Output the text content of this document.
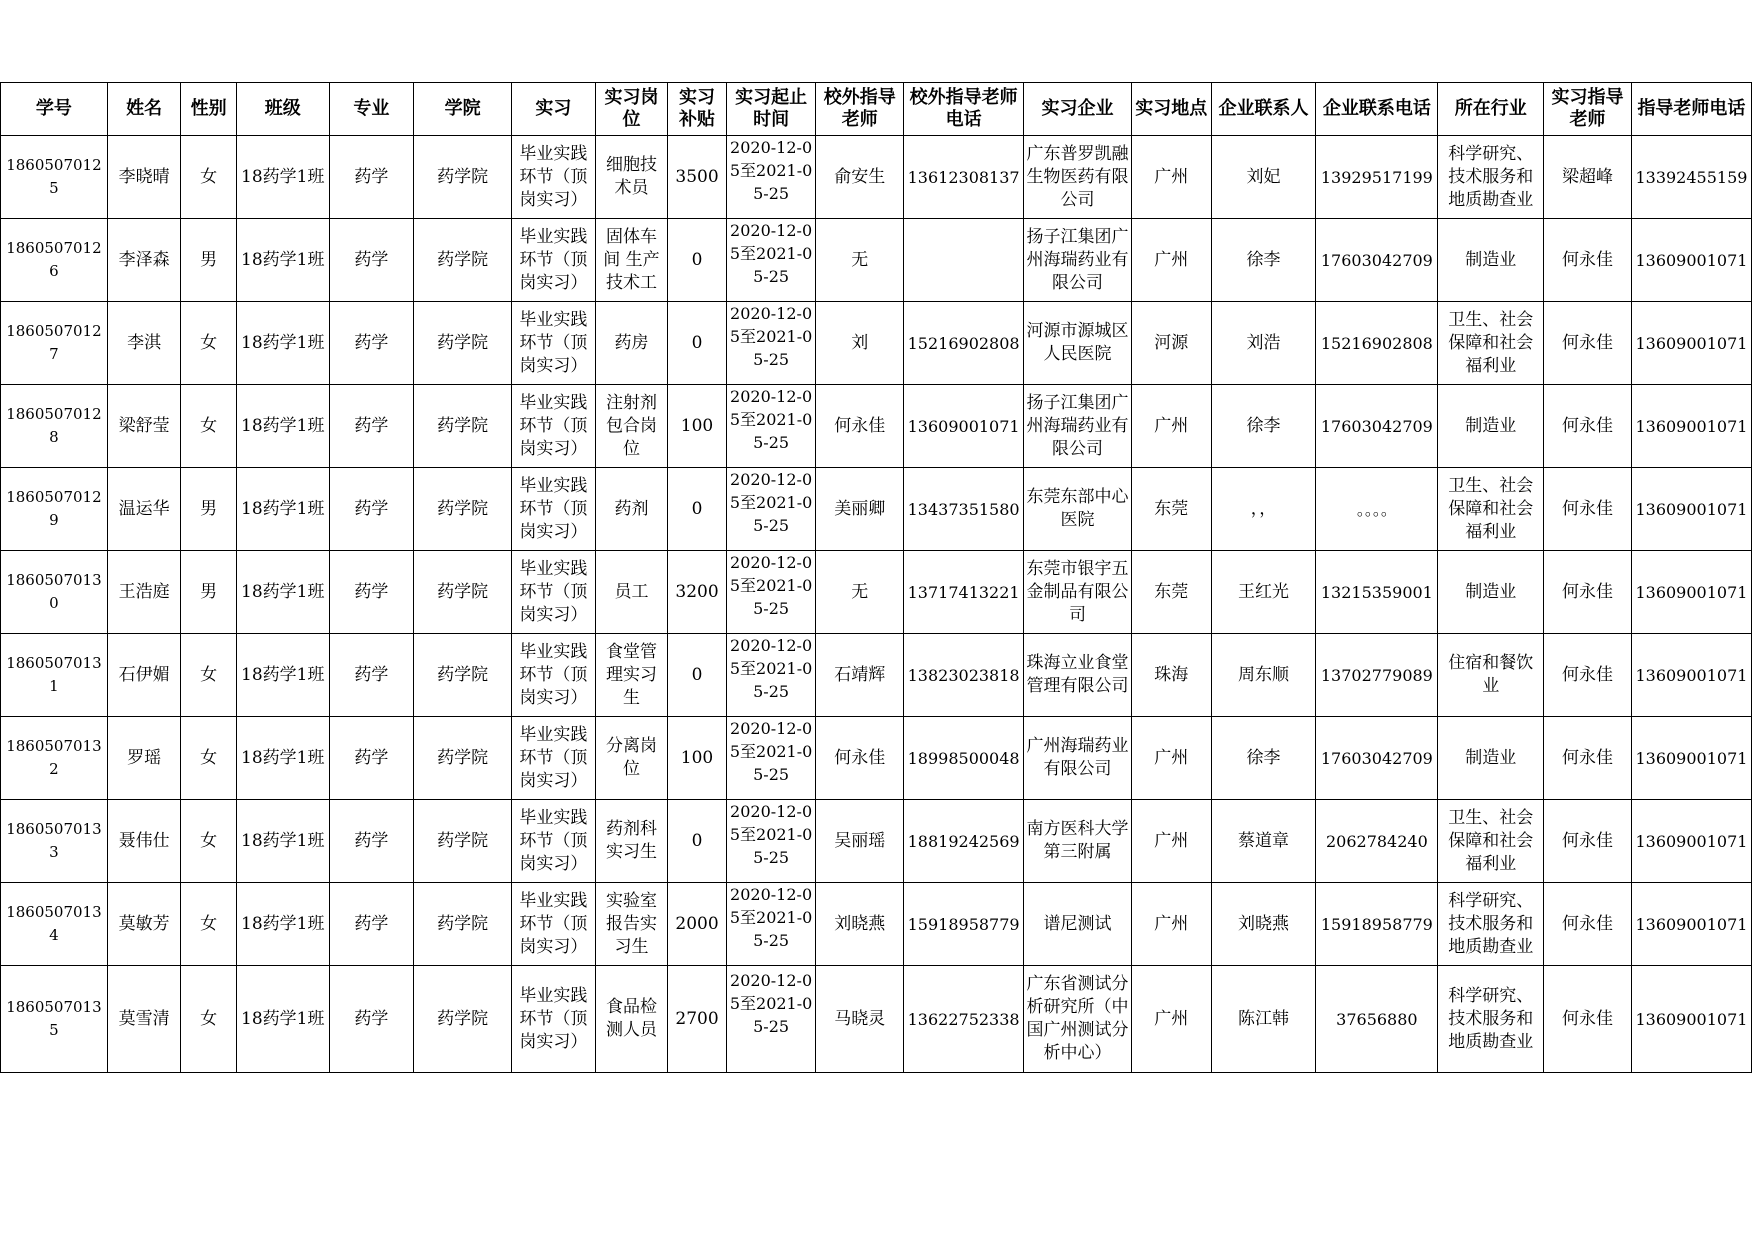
学号	姓名	性别	班级	专业	学院	实习	实习岗位	实习补贴	实习起止时间	校外指导老师	校外指导老师电话	实习企业	实习地点	企业联系人	企业联系电话	所在行业	实习指导老师	指导老师电话
18605070125	李晓晴	女	18药学1班	药学	药学院	毕业实践环节（顶岗实习）	细胞技术员	3500	2020-12-05至2021-05-25	俞安生	13612308137	广东普罗凯融生物医药有限公司	广州	刘妃	13929517199	科学研究、技术服务和地质勘查业	梁超峰	13392455159
18605070126	李泽森	男	18药学1班	药学	药学院	毕业实践环节（顶岗实习）	固体车间 生产技术工	0	2020-12-05至2021-05-25	无		扬子江集团广州海瑞药业有限公司	广州	徐李	17603042709	制造业	何永佳	13609001071
18605070127	李淇	女	18药学1班	药学	药学院	毕业实践环节（顶岗实习）	药房	0	2020-12-05至2021-05-25	刘	15216902808	河源市源城区人民医院	河源	刘浩	15216902808	卫生、社会保障和社会福利业	何永佳	13609001071
18605070128	梁舒莹	女	18药学1班	药学	药学院	毕业实践环节（顶岗实习）	注射剂包合岗位	100	2020-12-05至2021-05-25	何永佳	13609001071	扬子江集团广州海瑞药业有限公司	广州	徐李	17603042709	制造业	何永佳	13609001071
18605070129	温运华	男	18药学1班	药学	药学院	毕业实践环节（顶岗实习）	药剂	0	2020-12-05至2021-05-25	美丽卿	13437351580	东莞东部中心医院	东莞	，，	。。。。	卫生、社会保障和社会福利业	何永佳	13609001071
18605070130	王浩庭	男	18药学1班	药学	药学院	毕业实践环节（顶岗实习）	员工	3200	2020-12-05至2021-05-25	无	13717413221	东莞市银宇五金制品有限公司	东莞	王红光	13215359001	制造业	何永佳	13609001071
18605070131	石伊媚	女	18药学1班	药学	药学院	毕业实践环节（顶岗实习）	食堂管理实习生	0	2020-12-05至2021-05-25	石靖辉	13823023818	珠海立业食堂管理有限公司	珠海	周东顺	13702779089	住宿和餐饮业	何永佳	13609001071
18605070132	罗瑶	女	18药学1班	药学	药学院	毕业实践环节（顶岗实习）	分离岗位	100	2020-12-05至2021-05-25	何永佳	18998500048	广州海瑞药业有限公司	广州	徐李	17603042709	制造业	何永佳	13609001071
18605070133	聂伟仕	女	18药学1班	药学	药学院	毕业实践环节（顶岗实习）	药剂科实习生	0	2020-12-05至2021-05-25	吴丽瑶	18819242569	南方医科大学第三附属	广州	蔡道章	2062784240	卫生、社会保障和社会福利业	何永佳	13609001071
18605070134	莫敏芳	女	18药学1班	药学	药学院	毕业实践环节（顶岗实习）	实验室报告实习生	2000	2020-12-05至2021-05-25	刘晓燕	15918958779	谱尼测试	广州	刘晓燕	15918958779	科学研究、技术服务和地质勘查业	何永佳	13609001071
18605070135	莫雪清	女	18药学1班	药学	药学院	毕业实践环节（顶岗实习）	食品检测人员	2700	2020-12-05至2021-05-25	马晓灵	13622752338	广东省测试分析研究所（中国广州测试分析中心）	广州	陈江韩	37656880	科学研究、技术服务和地质勘查业	何永佳	13609001071
